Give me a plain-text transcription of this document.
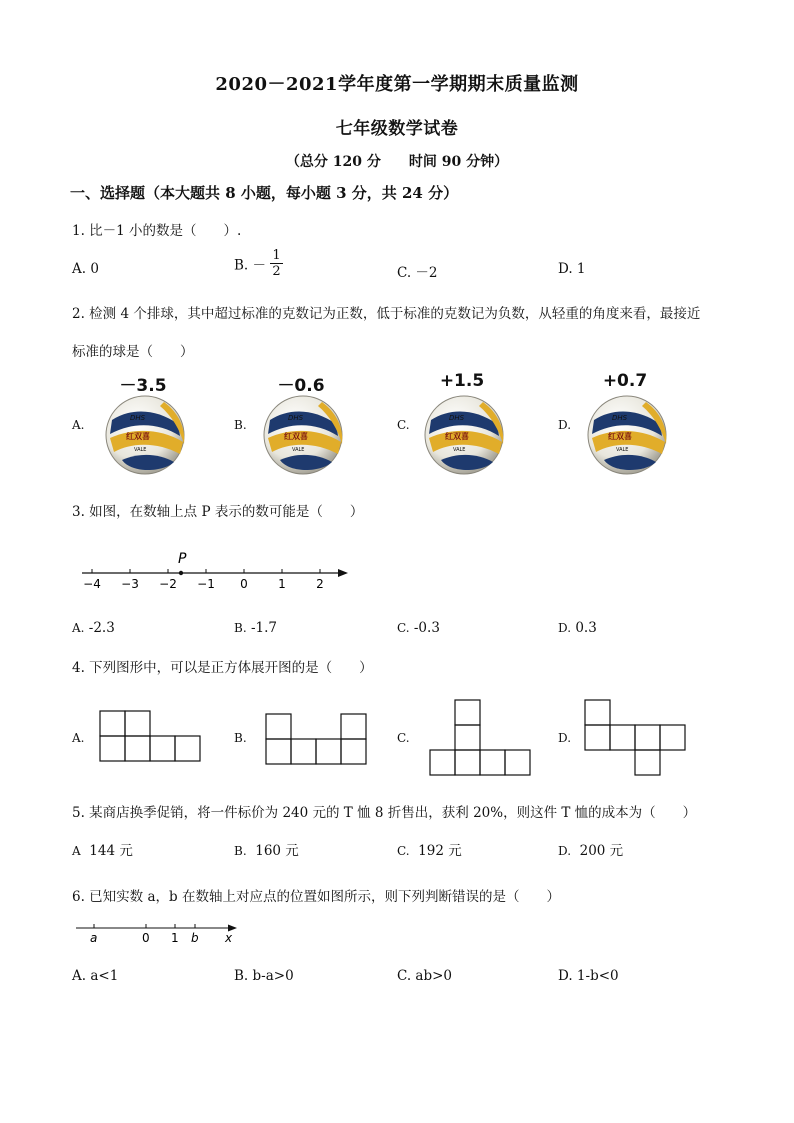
2020－2021学年度第一学期期末质量监测
七年级数学试卷
（总分 120 分　　时间 90 分钟）
一、选择题（本大题共 8 小题，每小题 3 分，共 24 分）
1. 比－1 小的数是（　　）.
A. 0	B. － $\frac{1}{2}$	C. －2	D. 1
2. 检测 4 个排球，其中超过标准的克数记为正数，低于标准的克数记为负数，从轻重的角度来看，最接近
标准的球是（　　）
A.
－3.5
DHS
红双喜
VALE
B.
－0.6
DHS
红双喜
VALE
C.
+1.5
DHS
红双喜
VALE
D.
+0.7
DHS
红双喜
VALE
3. 如图，在数轴上点 P 表示的数可能是（　　）
−4 −3 −2 −1 0	1	2
P
A. -2.3	B. -1.7	C. -0.3	D. 0.3
4. 下列图形中，可以是正方体展开图的是（　　）
A.	B.	C.	D.
5. 某商店换季促销，将一件标价为 240 元的 T 恤 8 折售出，获利 20%，则这件 T 恤的成本为（　　）
A 144 元	B. 160 元	C. 192 元	D. 200 元
6. 已知实数 a，b 在数轴上对应点的位置如图所示，则下列判断错误的是（　　）
a	0 1 b x
A. a<1	B. b-a>0	C. ab>0	D. 1-b<0
